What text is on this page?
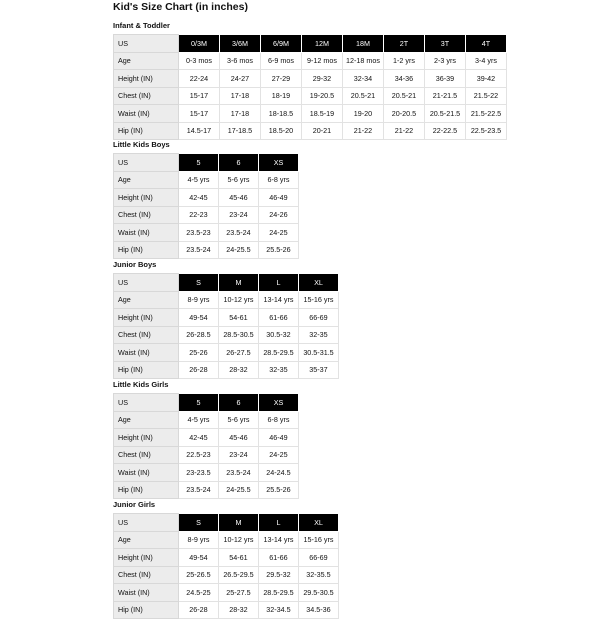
Kid's Size Chart (in inches)
Infant & Toddler
US	0/3M	3/6M	6/9M	12M	18M	2T	3T	4T
Age	0-3 mos	3-6 mos	6-9 mos	9-12 mos	12-18 mos	1-2 yrs	2-3 yrs	3-4 yrs
Height (IN)	22-24	24-27	27-29	29-32	32-34	34-36	36-39	39-42
Chest (IN)	15-17	17-18	18-19	19-20.5	20.5-21	20.5-21	21-21.5	21.5-22
Waist (IN)	15-17	17-18	18-18.5	18.5-19	19-20	20-20.5	20.5-21.5	21.5-22.5
Hip (IN)	14.5-17	17-18.5	18.5-20	20-21	21-22	21-22	22-22.5	22.5-23.5
Little Kids Boys
US	5	6	XS
Age	4-5 yrs	5-6 yrs	6-8 yrs
Height (IN)	42-45	45-46	46-49
Chest (IN)	22-23	23-24	24-26
Waist (IN)	23.5-23	23.5-24	24-25
Hip (IN)	23.5-24	24-25.5	25.5-26
Junior Boys
US	S	M	L	XL
Age	8-9 yrs	10-12 yrs	13-14 yrs	15-16 yrs
Height (IN)	49-54	54-61	61-66	66-69
Chest (IN)	26-28.5	28.5-30.5	30.5-32	32-35
Waist (IN)	25-26	26-27.5	28.5-29.5	30.5-31.5
Hip (IN)	26-28	28-32	32-35	35-37
Little Kids Girls
US	5	6	XS
Age	4-5 yrs	5-6 yrs	6-8 yrs
Height (IN)	42-45	45-46	46-49
Chest (IN)	22.5-23	23-24	24-25
Waist (IN)	23-23.5	23.5-24	24-24.5
Hip (IN)	23.5-24	24-25.5	25.5-26
Junior Girls
US	S	M	L	XL
Age	8-9 yrs	10-12 yrs	13-14 yrs	15-16 yrs
Height (IN)	49-54	54-61	61-66	66-69
Chest (IN)	25-26.5	26.5-29.5	29.5-32	32-35.5
Waist (IN)	24.5-25	25-27.5	28.5-29.5	29.5-30.5
Hip (IN)	26-28	28-32	32-34.5	34.5-36
